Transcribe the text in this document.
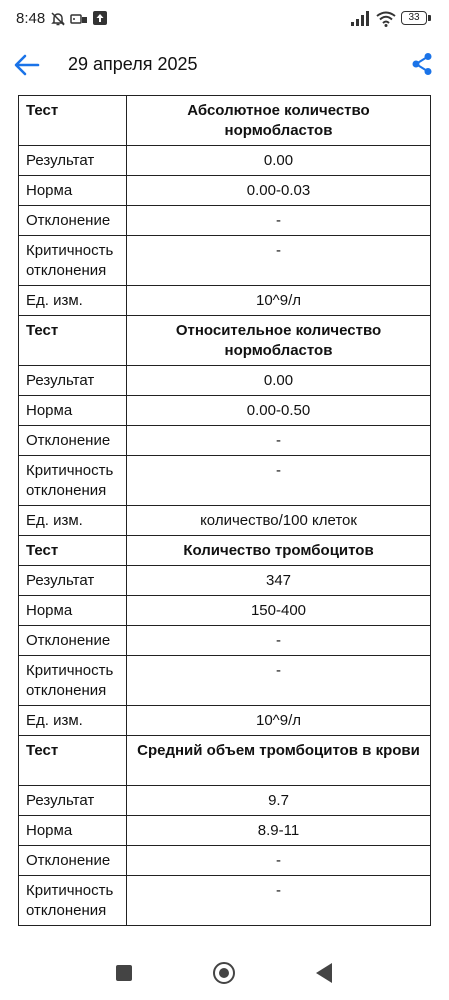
8:48	33
29 апреля 2025
Тест	Абсолютное количество нормобластов
Результат	0.00
Норма	0.00-0.03
Отклонение	-
Критичность отклонения	-
Ед. изм.	10^9/л
Тест	Относительное количество нормобластов
Результат	0.00
Норма	0.00-0.50
Отклонение	-
Критичность отклонения	-
Ед. изм.	количество/100 клеток
Тест	Количество тромбоцитов
Результат	347
Норма	150-400
Отклонение	-
Критичность отклонения	-
Ед. изм.	10^9/л
Тест	Средний объем тромбоцитов в крови
Результат	9.7
Норма	8.9-11
Отклонение	-
Критичность отклонения	-
